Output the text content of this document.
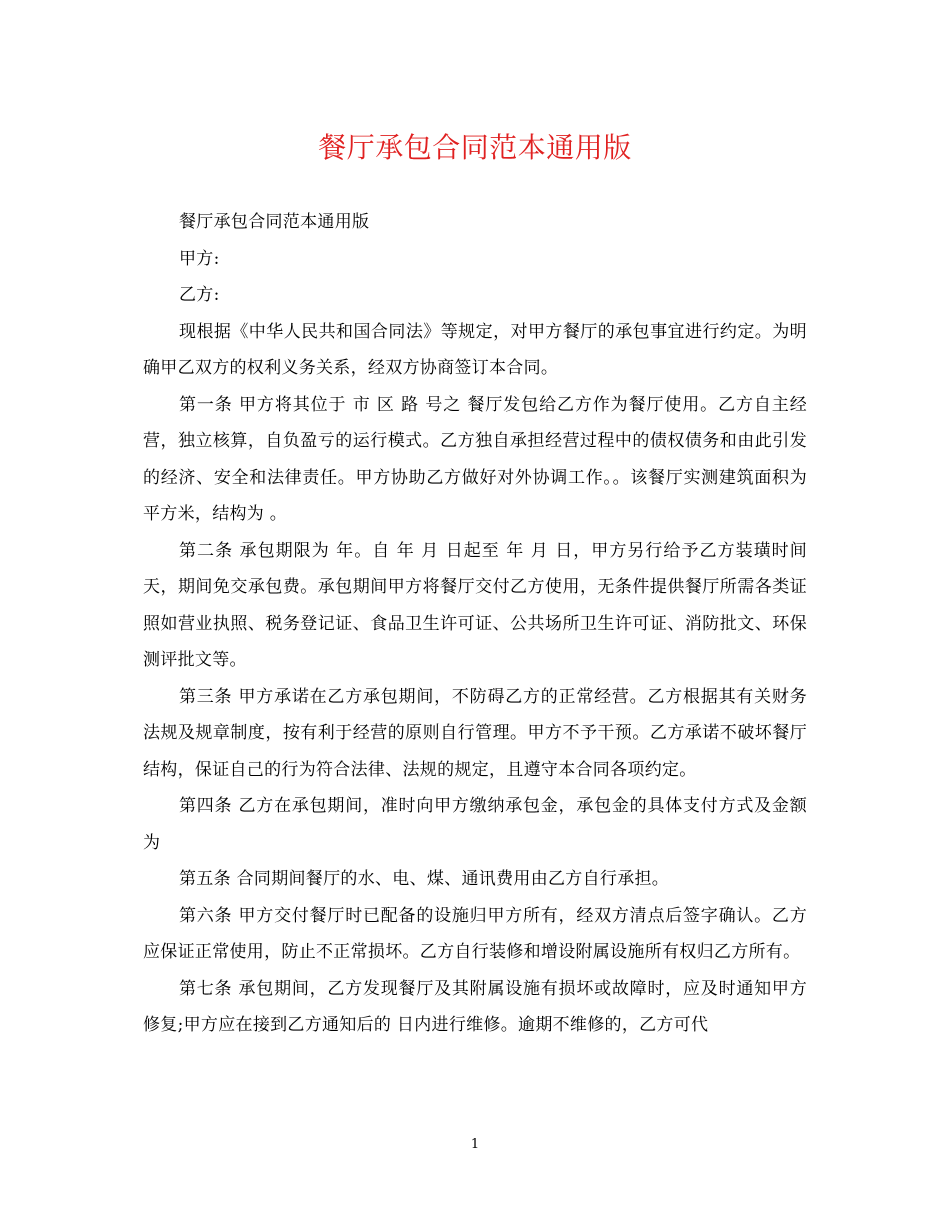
餐厅承包合同范本通用版

餐厅承包合同范本通用版

甲方:

乙方:

现根据《中华人民共和国合同法》等规定，对甲方餐厅的承包事宜进行约定。为明确甲乙双方的权利义务关系，经双方协商签订本合同。

第一条 甲方将其位于 市 区 路 号之 餐厅发包给乙方作为餐厅使用。乙方自主经营，独立核算，自负盈亏的运行模式。乙方独自承担经营过程中的债权债务和由此引发的经济、安全和法律责任。甲方协助乙方做好对外协调工作。。该餐厅实测建筑面积为 平方米，结构为 。

第二条 承包期限为 年。自 年 月 日起至 年 月 日，甲方另行给予乙方装璜时间 天，期间免交承包费。承包期间甲方将餐厅交付乙方使用，无条件提供餐厅所需各类证照如营业执照、税务登记证、食品卫生许可证、公共场所卫生许可证、消防批文、环保测评批文等。

第三条 甲方承诺在乙方承包期间，不防碍乙方的正常经营。乙方根据其有关财务法规及规章制度，按有利于经营的原则自行管理。甲方不予干预。乙方承诺不破坏餐厅结构，保证自己的行为符合法律、法规的规定，且遵守本合同各项约定。

第四条 乙方在承包期间，准时向甲方缴纳承包金，承包金的具体支付方式及金额为

第五条 合同期间餐厅的水、电、煤、通讯费用由乙方自行承担。

第六条 甲方交付餐厅时已配备的设施归甲方所有，经双方清点后签字确认。乙方应保证正常使用，防止不正常损坏。乙方自行装修和增设附属设施所有权归乙方所有。

第七条 承包期间，乙方发现餐厅及其附属设施有损坏或故障时，应及时通知甲方修复;甲方应在接到乙方通知后的 日内进行维修。逾期不维修的，乙方可代

1
